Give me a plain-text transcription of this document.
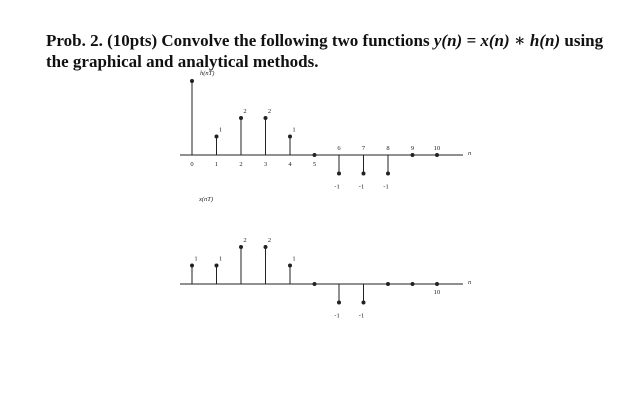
Prob. 2. (10pts) Convolve the following two functions y(n) = x(n) ∗ h(n) using the graphical and analytical methods.
h(nT)
n
0
1
1
2
2
2
3
1
4	5
-1
6
-1
7
-1
8	9	10
x(nT)
n
1	1
2	2
1
-1	-1
10
